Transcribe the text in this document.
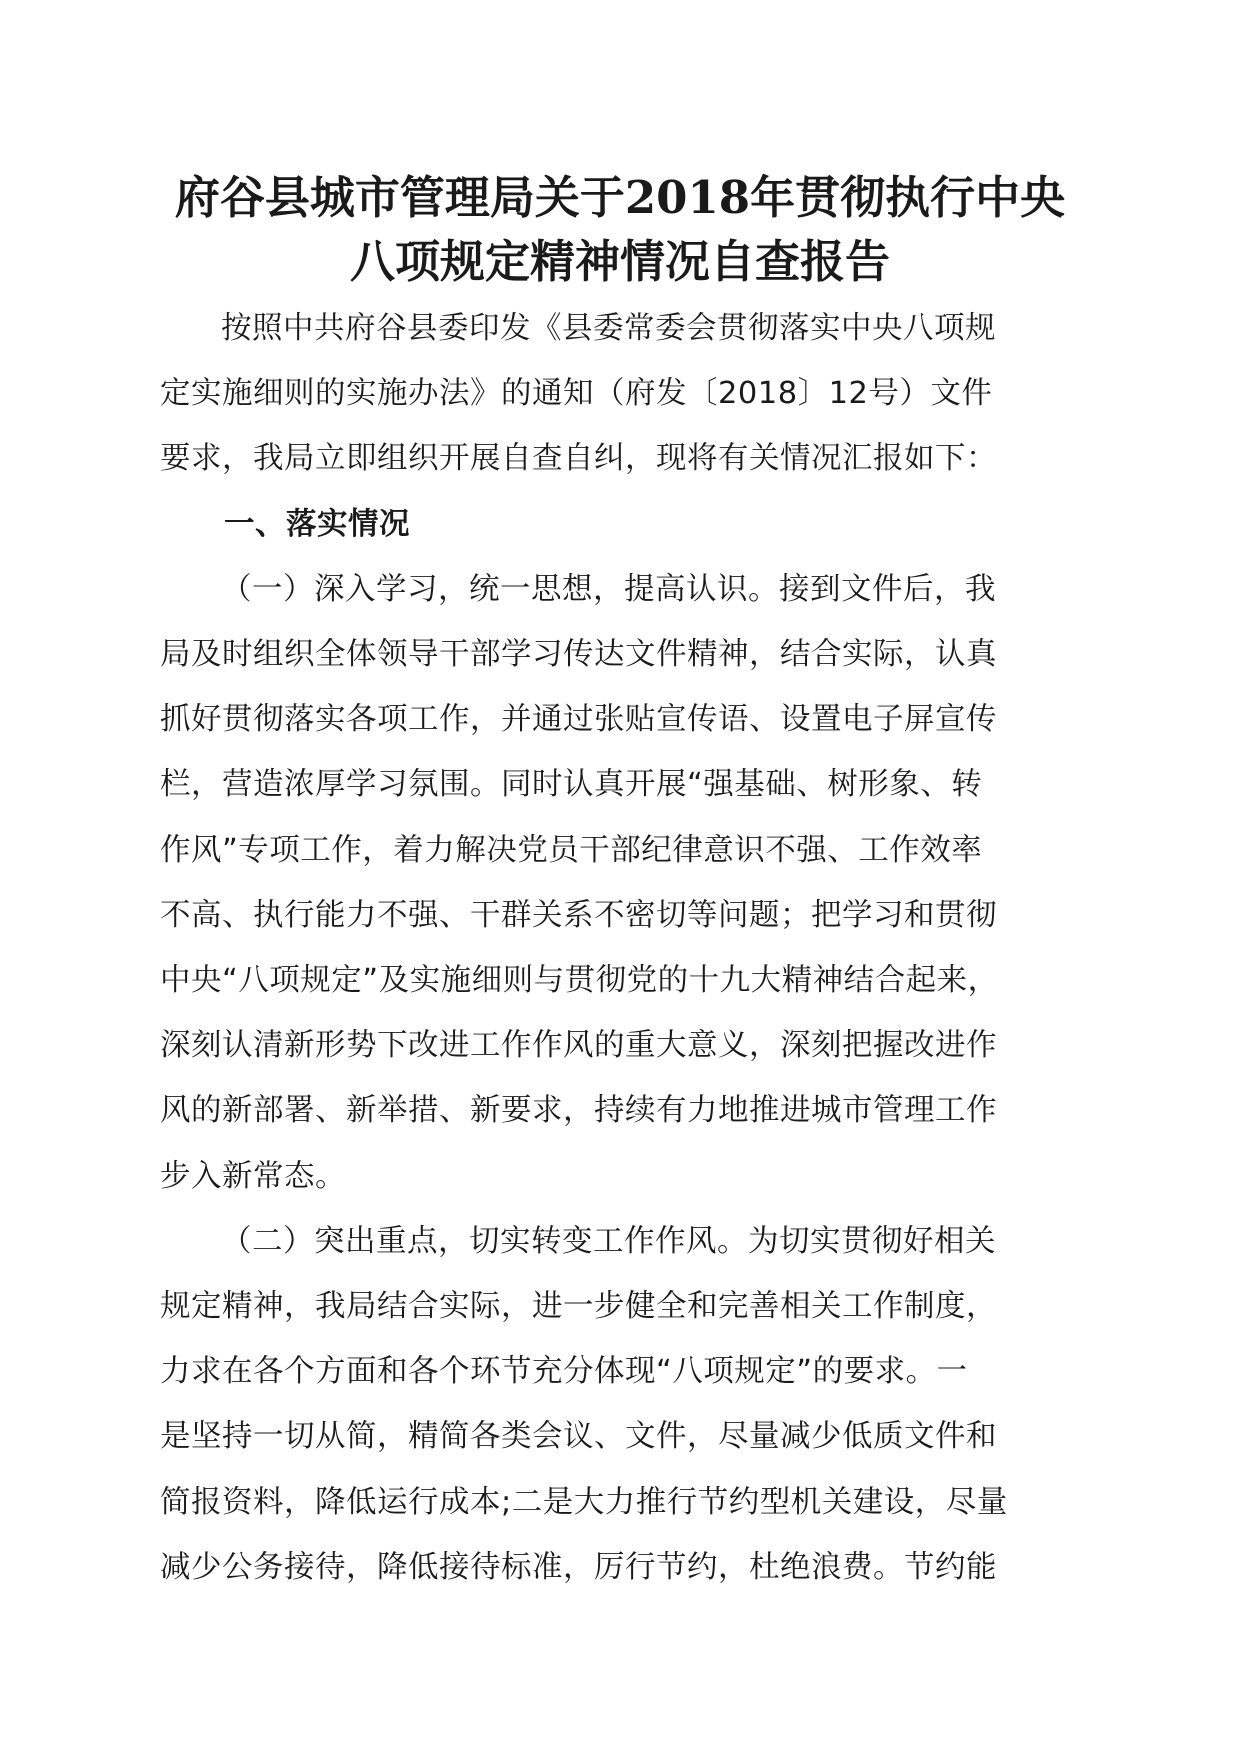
府谷县城市管理局关于2018年贯彻执行中央
八项规定精神情况自查报告

按照中共府谷县委印发《县委常委会贯彻落实中央八项规
定实施细则的实施办法》的通知（府发〔2018〕12号）文件
要求，我局立即组织开展自查自纠，现将有关情况汇报如下：

一、落实情况

（一）深入学习，统一思想，提高认识。接到文件后，我
局及时组织全体领导干部学习传达文件精神，结合实际，认真
抓好贯彻落实各项工作，并通过张贴宣传语、设置电子屏宣传
栏，营造浓厚学习氛围。同时认真开展“强基础、树形象、转
作风”专项工作，着力解决党员干部纪律意识不强、工作效率
不高、执行能力不强、干群关系不密切等问题；把学习和贯彻
中央“八项规定”及实施细则与贯彻党的十九大精神结合起来，
深刻认清新形势下改进工作作风的重大意义，深刻把握改进作
风的新部署、新举措、新要求，持续有力地推进城市管理工作
步入新常态。

（二）突出重点，切实转变工作作风。为切实贯彻好相关
规定精神，我局结合实际，进一步健全和完善相关工作制度，
力求在各个方面和各个环节充分体现“八项规定”的要求。一
是坚持一切从简，精简各类会议、文件，尽量减少低质文件和
简报资料，降低运行成本;二是大力推行节约型机关建设，尽量
减少公务接待，降低接待标准，厉行节约，杜绝浪费。节约能
